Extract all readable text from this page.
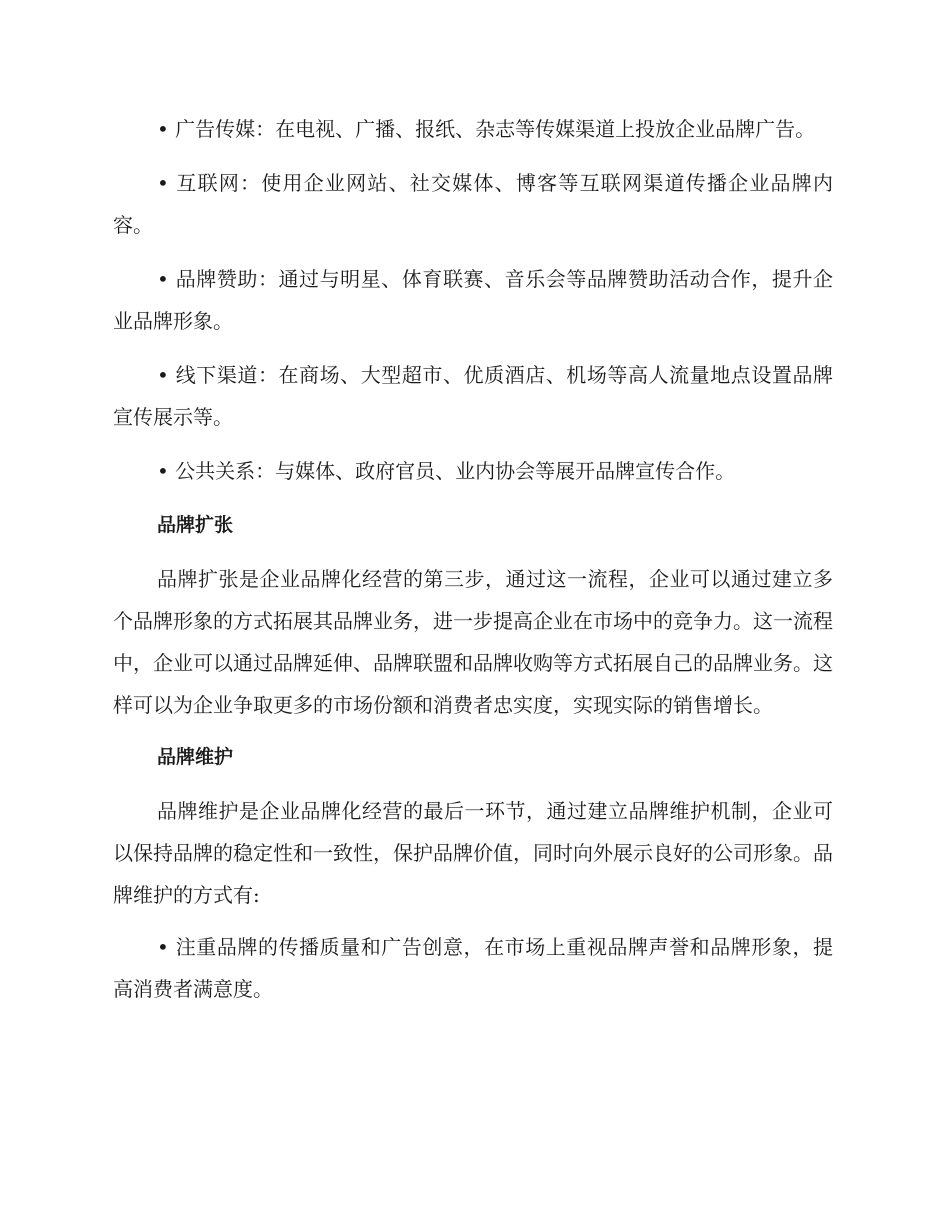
• 广告传媒：在电视、广播、报纸、杂志等传媒渠道上投放企业品牌广告。

• 互联网：使用企业网站、社交媒体、博客等互联网渠道传播企业品牌内容。

• 品牌赞助：通过与明星、体育联赛、音乐会等品牌赞助活动合作，提升企业品牌形象。

• 线下渠道：在商场、大型超市、优质酒店、机场等高人流量地点设置品牌宣传展示等。

• 公共关系：与媒体、政府官员、业内协会等展开品牌宣传合作。

品牌扩张

品牌扩张是企业品牌化经营的第三步，通过这一流程，企业可以通过建立多个品牌形象的方式拓展其品牌业务，进一步提高企业在市场中的竞争力。这一流程中，企业可以通过品牌延伸、品牌联盟和品牌收购等方式拓展自己的品牌业务。这样可以为企业争取更多的市场份额和消费者忠实度，实现实际的销售增长。

品牌维护

品牌维护是企业品牌化经营的最后一环节，通过建立品牌维护机制，企业可以保持品牌的稳定性和一致性，保护品牌价值，同时向外展示良好的公司形象。品牌维护的方式有:

• 注重品牌的传播质量和广告创意，在市场上重视品牌声誉和品牌形象，提高消费者满意度。
